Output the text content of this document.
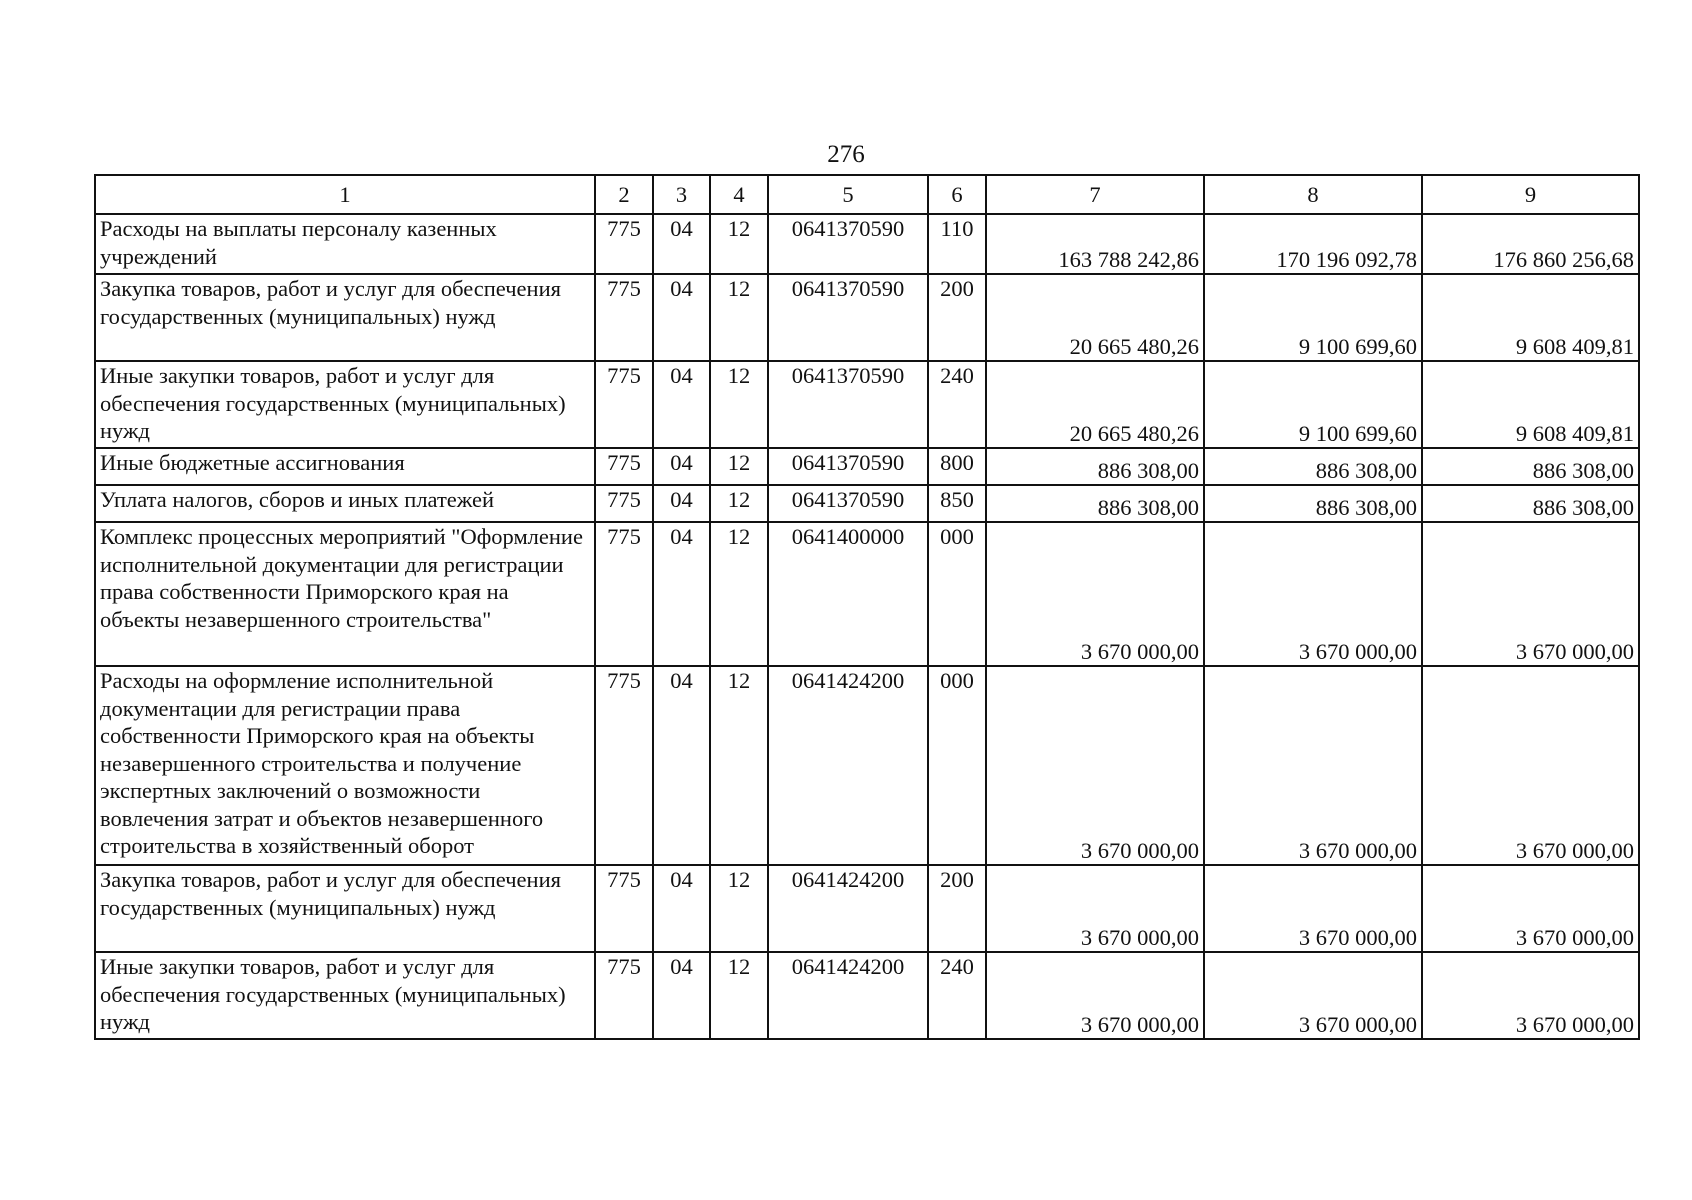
276
1	2	3	4	5	6	7	8	9
Расходы на выплаты персоналу казенных учреждений	775	04	12	0641370590	110	163 788 242,86	170 196 092,78	176 860 256,68
Закупка товаров, работ и услуг для обеспечения государственных (муниципальных) нужд	775	04	12	0641370590	200	20 665 480,26	9 100 699,60	9 608 409,81
Иные закупки товаров, работ и услуг для обеспечения государственных (муниципальных) нужд	775	04	12	0641370590	240	20 665 480,26	9 100 699,60	9 608 409,81
Иные бюджетные ассигнования	775	04	12	0641370590	800	886 308,00	886 308,00	886 308,00
Уплата налогов, сборов и иных платежей	775	04	12	0641370590	850	886 308,00	886 308,00	886 308,00
Комплекс процессных мероприятий "Оформление исполнительной документации для регистрации права собственности Приморского края на объекты незавершенного строительства"	775	04	12	0641400000	000	3 670 000,00	3 670 000,00	3 670 000,00
Расходы на оформление исполнительной документации для регистрации права собственности Приморского края на объекты незавершенного строительства и получение экспертных заключений о возможности вовлечения затрат и объектов незавершенного строительства в хозяйственный оборот	775	04	12	0641424200	000	3 670 000,00	3 670 000,00	3 670 000,00
Закупка товаров, работ и услуг для обеспечения государственных (муниципальных) нужд	775	04	12	0641424200	200	3 670 000,00	3 670 000,00	3 670 000,00
Иные закупки товаров, работ и услуг для обеспечения государственных (муниципальных) нужд	775	04	12	0641424200	240	3 670 000,00	3 670 000,00	3 670 000,00
